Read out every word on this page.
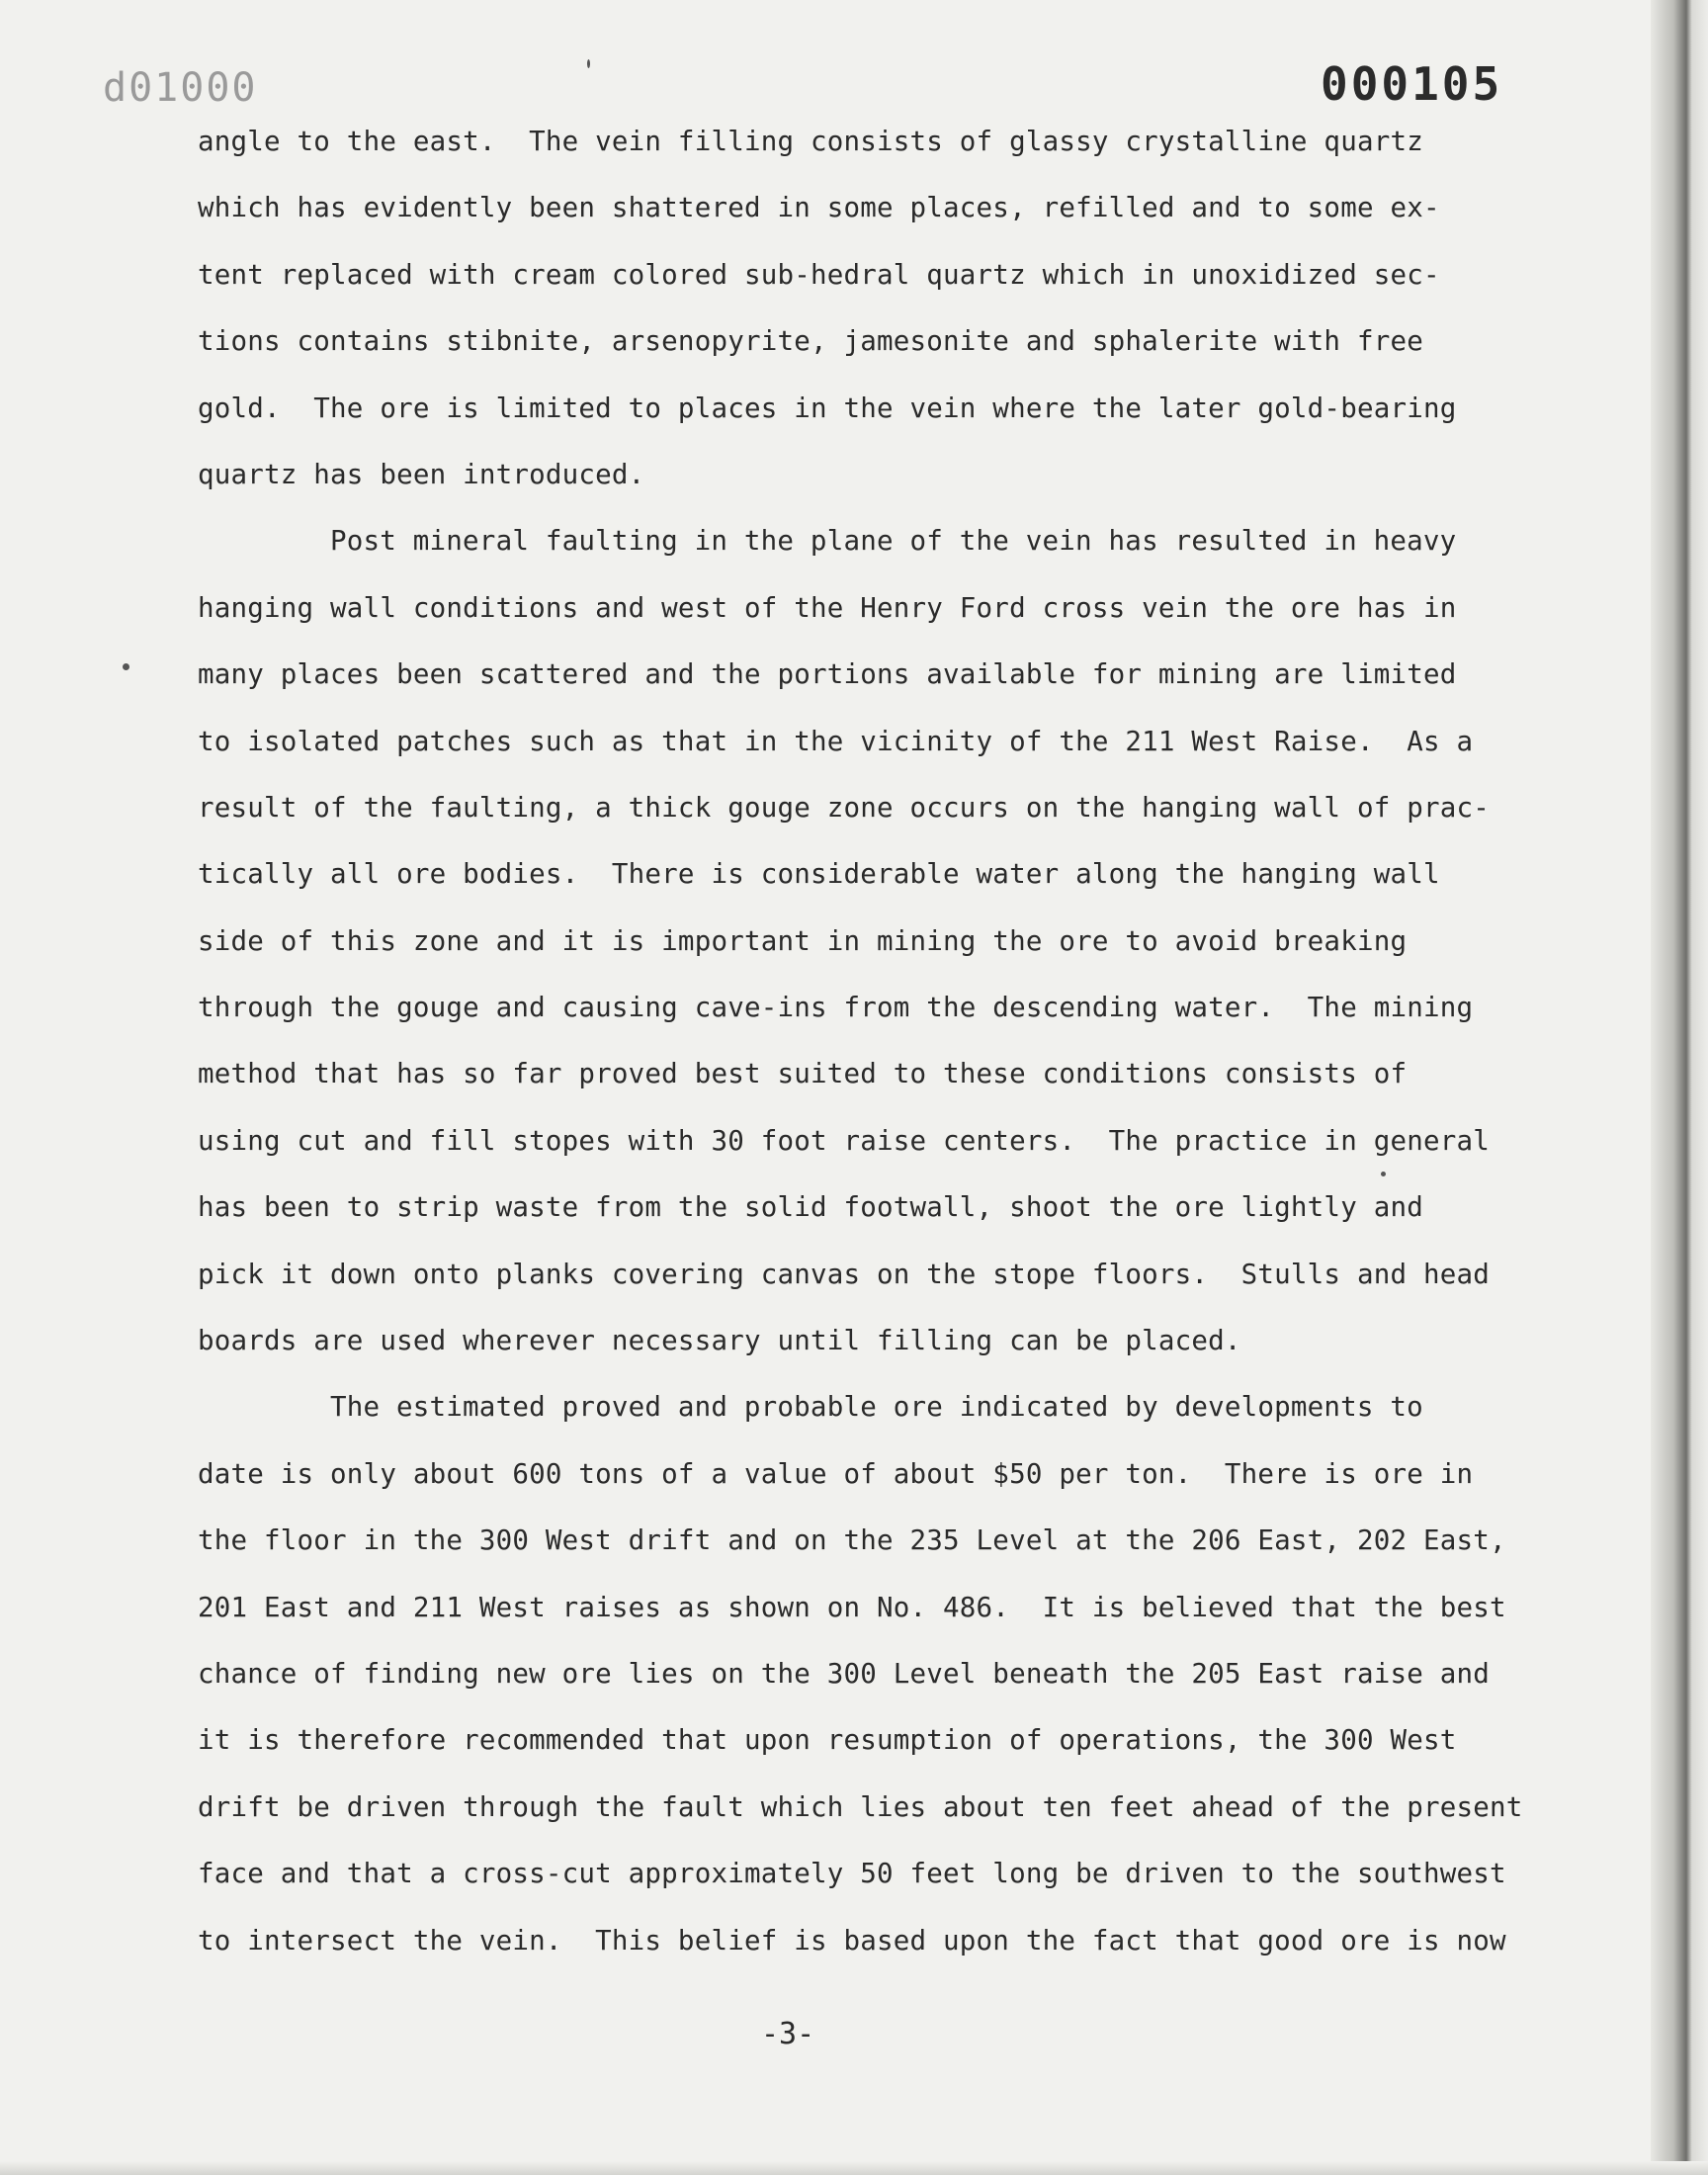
d01000	000105
angle to the east.  The vein filling consists of glassy crystalline quartz
which has evidently been shattered in some places, refilled and to some ex-
tent replaced with cream colored sub-hedral quartz which in unoxidized sec-
tions contains stibnite, arsenopyrite, jamesonite and sphalerite with free
gold.  The ore is limited to places in the vein where the later gold-bearing
quartz has been introduced.
Post mineral faulting in the plane of the vein has resulted in heavy
hanging wall conditions and west of the Henry Ford cross vein the ore has in
many places been scattered and the portions available for mining are limited
to isolated patches such as that in the vicinity of the 211 West Raise.  As a
result of the faulting, a thick gouge zone occurs on the hanging wall of prac-
tically all ore bodies.  There is considerable water along the hanging wall
side of this zone and it is important in mining the ore to avoid breaking
through the gouge and causing cave-ins from the descending water.  The mining
method that has so far proved best suited to these conditions consists of
using cut and fill stopes with 30 foot raise centers.  The practice in general
has been to strip waste from the solid footwall, shoot the ore lightly and
pick it down onto planks covering canvas on the stope floors.  Stulls and head
boards are used wherever necessary until filling can be placed.
The estimated proved and probable ore indicated by developments to
date is only about 600 tons of a value of about $50 per ton.  There is ore in
the floor in the 300 West drift and on the 235 Level at the 206 East, 202 East,
201 East and 211 West raises as shown on No. 486.  It is believed that the best
chance of finding new ore lies on the 300 Level beneath the 205 East raise and
it is therefore recommended that upon resumption of operations, the 300 West
drift be driven through the fault which lies about ten feet ahead of the present
face and that a cross-cut approximately 50 feet long be driven to the southwest
to intersect the vein.  This belief is based upon the fact that good ore is now
-3-
